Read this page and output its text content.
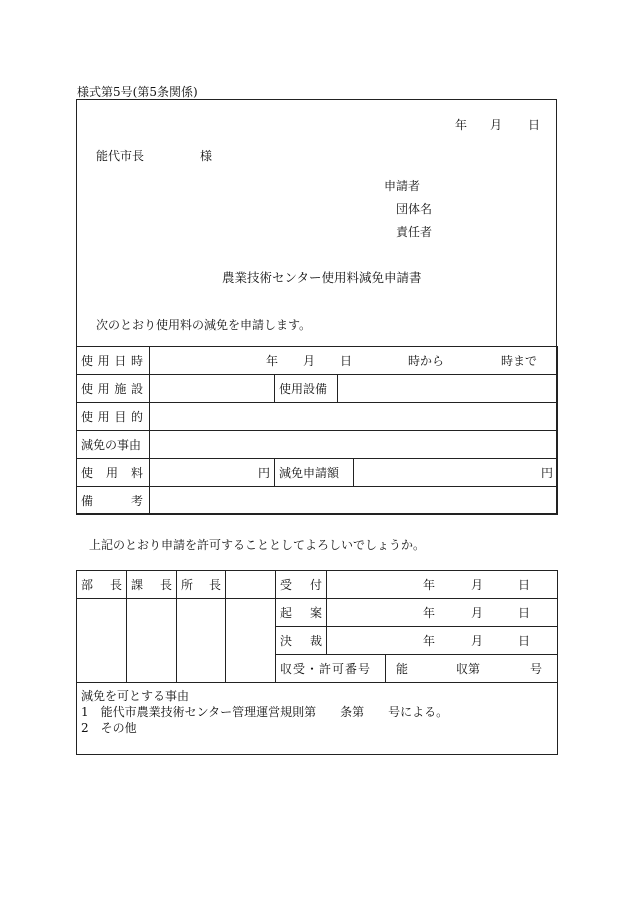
様式第5号(第5条関係)
年 月 日
能代市長	様
申請者
団体名
責任者
農業技術センター使用料減免申請書
次のとおり使用料の減免を申請します。
使 用 日 時	年 月 日 時から 時まで			

使 用 施 設		使用設備		

使 用 目 的				

減免の事由				

使 用 料	円	減免申請額		円

備 考				

上記のとおり申請を許可することとしてよろしいでしょうか。
部 長	課 長	所 長		受 付	年 月 日	

				起 案	年 月 日	

				決 裁	年 月 日	

				収受・許可番号		能 収第 号

減免を可とする事由
1　能代市農業技術センター管理運営規則第　　条第　　号による。
2　その他						
